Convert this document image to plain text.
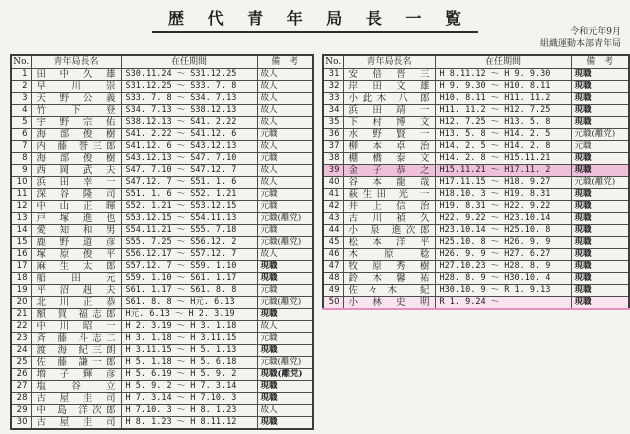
歴 代 青 年 局 長 一 覧
令和元年9月
組織運動本部青年局
No.	青年局長名	在任期間	備　考
1	田 中 久 雄	S30.11.24 ～ S31.12.25	故人
2	早 川 崇	S31.12.25 ～ S33. 7. 8	故人
3	天 野 公 義	S33. 7. 8 ～ S34. 7.13	故人
4	竹 下 登	S34. 7.13 ～ S38.12.13	故人
5	宇 野 宗 佑	S38.12.13 ～ S41. 2.22	故人
6	海 部 俊 樹	S41. 2.22 ～ S41.12. 6	元職
7	内 藤 誉三郎	S41.12. 6 ～ S43.12.13	故人
8	海 部 俊 樹	S43.12.13 ～ S47. 7.10	元職
9	西 岡 武 夫	S47. 7.10 ～ S47.12. 7	故人
10	浜 田 幸 一	S47.12. 7 ～ S51. 1. 6	故人
11	深 谷 隆 司	S51. 1. 6 ～ S52. 1.21	元職
12	中 山 正 暉	S52. 1.21 ～ S53.12.15	元職
13	戸 塚 進 也	S53.12.15 ～ S54.11.13	元職(離党)
14	愛 知 和 男	S54.11.21 ～ S55. 7.18	元職
15	鹿 野 道 彦	S55. 7.25 ～ S56.12. 2	元職(離党)
16	塚 原 俊 平	S56.12.17 ～ S57.12. 7	故人
17	麻 生 太 郎	S57.12. 7 ～ S59. 1.10	現職
18	船 田 元	S59. 1.10 ～ S61. 1.17	現職
19	平 沼 赳 夫	S61. 1.17 ～ S61. 8. 8	元職
20	北 川 正 恭	S61. 8. 8 ～ H元. 6.13	元職(離党)
21	額 賀 福志郎	H元. 6.13 ～ H 2. 3.19	現職
22	中 川 昭 一	H 2. 3.19 ～ H 3. 1.18	故人
23	斉 藤 斗志二	H 3. 1.18 ～ H 3.11.15	元職
24	渡 海 紀三朗	H 3.11.15 ～ H 5. 1.13	現職
25	佐 藤 謙一郎	H 5. 1.18 ～ H 5. 6.18	元職(離党)
26	増 子 輝 彦	H 5. 6.19 ～ H 5. 9. 2	現職(離党)
27	塩 谷 立	H 5. 9. 2 ～ H 7. 3.14	現職
28	古 屋 圭 司	H 7. 3.14 ～ H 7.10. 3	現職
29	中 島 洋次郎	H 7.10. 3 ～ H 8. 1.23	故人
30	古 屋 圭 司	H 8. 1.23 ～ H 8.11.12	現職
No.	青年局長名	在任期間	備　考
31	安 倍 晋 三	H 8.11.12 ～ H 9. 9.30	現職
32	岸 田 文 雄	H 9. 9.30 ～ H10. 8.11	現職
33	小此木 八 郎	H10. 8.11 ～ H11. 11.2	現職
34	浜 田 靖 一	H11. 11.2 ～ H12. 7.25	現職
35	下 村 博 文	H12. 7.25 ～ H13. 5. 8	現職
36	水 野 賢 一	H13. 5. 8 ～ H14. 2. 5	元職(離党)
37	柳 本 卓 治	H14. 2. 5 ～ H14. 2. 8	元職
38	棚 橋 泰 文	H14. 2. 8 ～ H15.11.21	現職
39	金 子 恭 之	H15.11.21 ～ H17.11. 2	現職
40	谷 本 龍 哉	H17.11.15 ～ H18. 9.27	元職(離党)
41	萩生田 光 一	H18.10. 3 ～ H19. 8.31	現職
42	井 上 信 治	H19. 8.31 ～ H22. 9.22	現職
43	古 川 禎 久	H22. 9.22 ～ H23.10.14	現職
44	小 泉 進次郎	H23.10.14 ～ H25.10. 8	現職
45	松 本 洋 平	H25.10. 8 ～ H26. 9. 9	現職
46	木 原 稔	H26. 9. 9 ～ H27. 6.27	現職
47	牧 原 秀 樹	H27.10.23 ～ H28. 8. 9	現職
48	鈴 木 馨 祐	H28. 8. 9 ～ H30.10. 4	現職
49	佐々木 紀	H30.10. 9 ～ R 1. 9.13	現職
50	小 林 史 明	R 1. 9.24 ～	現職
